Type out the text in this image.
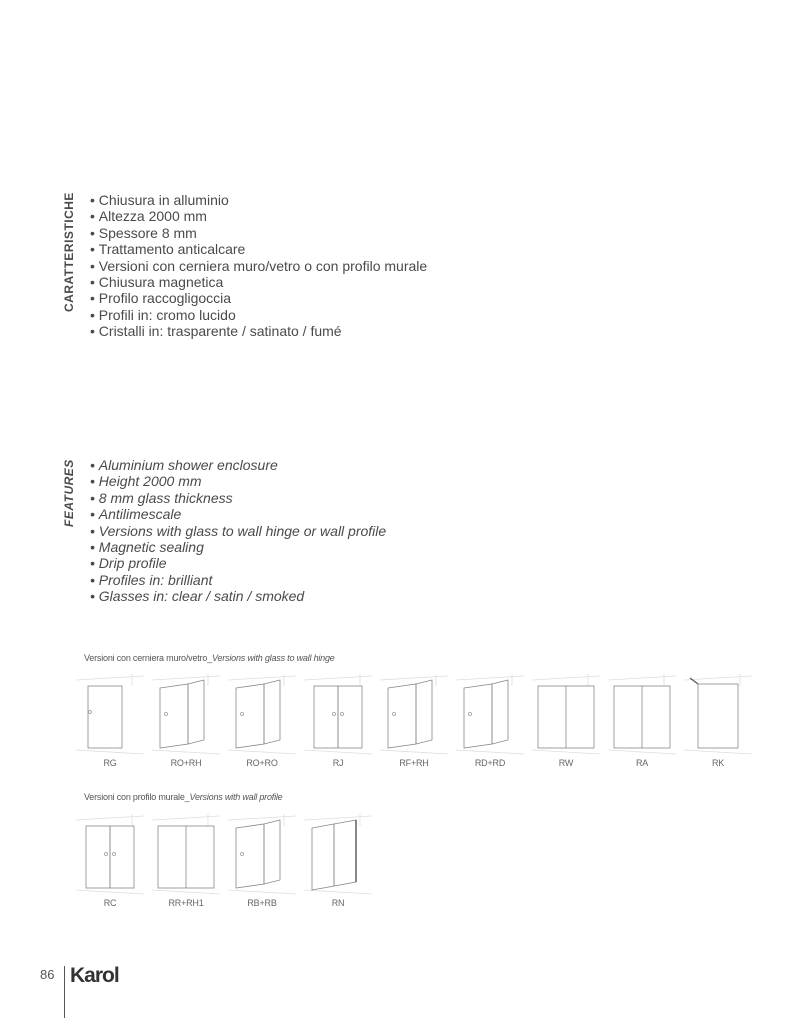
CARATTERISTICHE	• Chiusura in alluminio
• Altezza 2000 mm
• Spessore 8 mm
• Trattamento anticalcare
• Versioni con cerniera muro/vetro o con profilo murale
• Chiusura magnetica
• Profilo raccogligoccia
• Profili in: cromo lucido
• Cristalli in: trasparente / satinato / fumé
FEATURES	• Aluminium shower enclosure
• Height 2000 mm
• 8 mm glass thickness
• Antilimescale
• Versions with glass to wall hinge or wall profile
• Magnetic sealing
• Drip profile
• Profiles in: brilliant
• Glasses in: clear / satin / smoked
Versioni con cerniera muro/vetro_Versions with glass to wall hinge
RG	RO+RH	RO+RO	RJ	RF+RH	RD+RD	RW	RA	RK
Versioni con profilo murale_Versions with wall profile
RC	RR+RH1	RB+RB	RN
86 Karol
